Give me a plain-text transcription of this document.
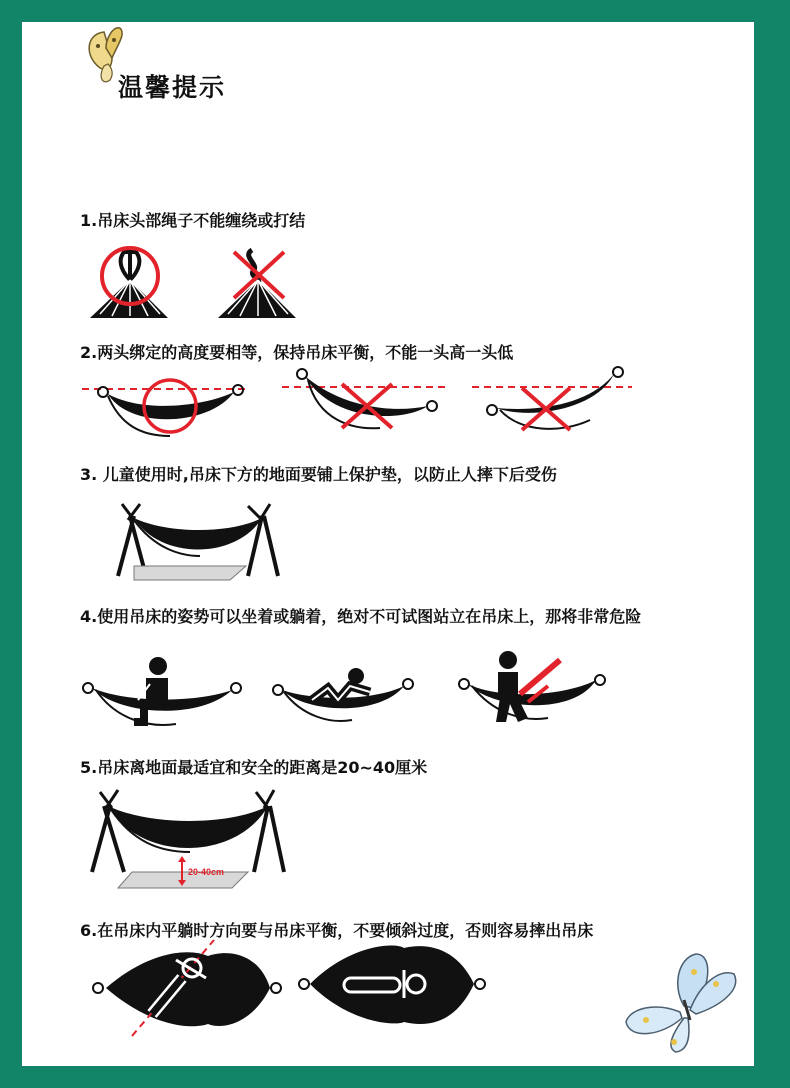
温馨提示
1.吊床头部绳子不能缠绕或打结
2.两头绑定的高度要相等，保持吊床平衡，不能一头高一头低
3. 儿童使用时,吊床下方的地面要铺上保护垫，以防止人摔下后受伤
4.使用吊床的姿势可以坐着或躺着，绝对不可试图站立在吊床上，那将非常危险
5.吊床离地面最适宜和安全的距离是20~40厘米
6.在吊床内平躺时方向要与吊床平衡，不要倾斜过度，否则容易摔出吊床
20-40cm
